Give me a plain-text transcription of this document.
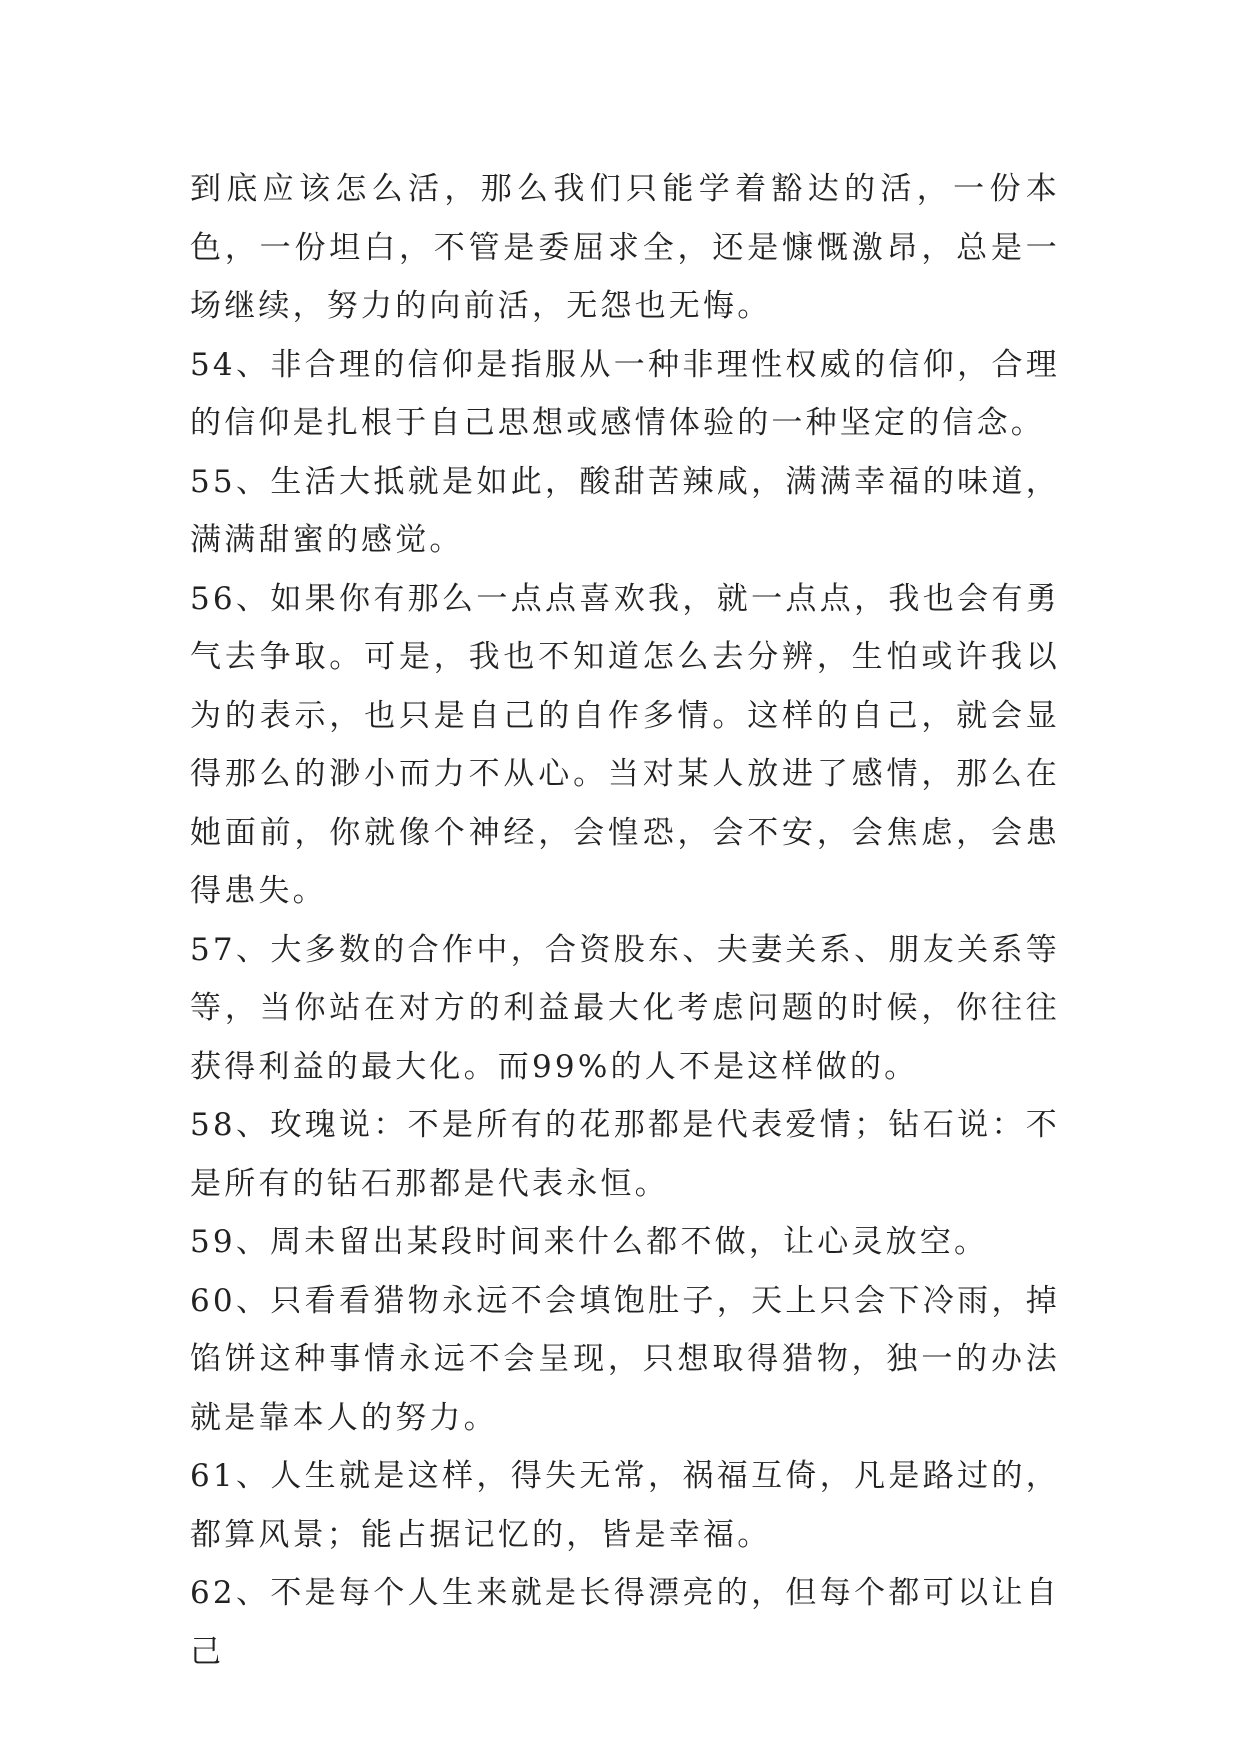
到底应该怎么活，那么我们只能学着豁达的活，一份本色，一份坦白，不管是委屈求全，还是慷慨激昂，总是一场继续，努力的向前活，无怨也无悔。

54、非合理的信仰是指服从一种非理性权威的信仰，合理的信仰是扎根于自己思想或感情体验的一种坚定的信念。

55、生活大抵就是如此，酸甜苦辣咸，满满幸福的味道，满满甜蜜的感觉。

56、如果你有那么一点点喜欢我，就一点点，我也会有勇气去争取。可是，我也不知道怎么去分辨，生怕或许我以为的表示，也只是自己的自作多情。这样的自己，就会显得那么的渺小而力不从心。当对某人放进了感情，那么在她面前，你就像个神经，会惶恐，会不安，会焦虑，会患得患失。

57、大多数的合作中，合资股东、夫妻关系、朋友关系等等，当你站在对方的利益最大化考虑问题的时候，你往往获得利益的最大化。而99%的人不是这样做的。

58、玫瑰说：不是所有的花那都是代表爱情；钻石说：不是所有的钻石那都是代表永恒。

59、周未留出某段时间来什么都不做，让心灵放空。

60、只看看猎物永远不会填饱肚子，天上只会下冷雨，掉馅饼这种事情永远不会呈现，只想取得猎物，独一的办法就是靠本人的努力。

61、人生就是这样，得失无常，祸福互倚，凡是路过的，都算风景；能占据记忆的，皆是幸福。

62、不是每个人生来就是长得漂亮的，但每个都可以让自己
